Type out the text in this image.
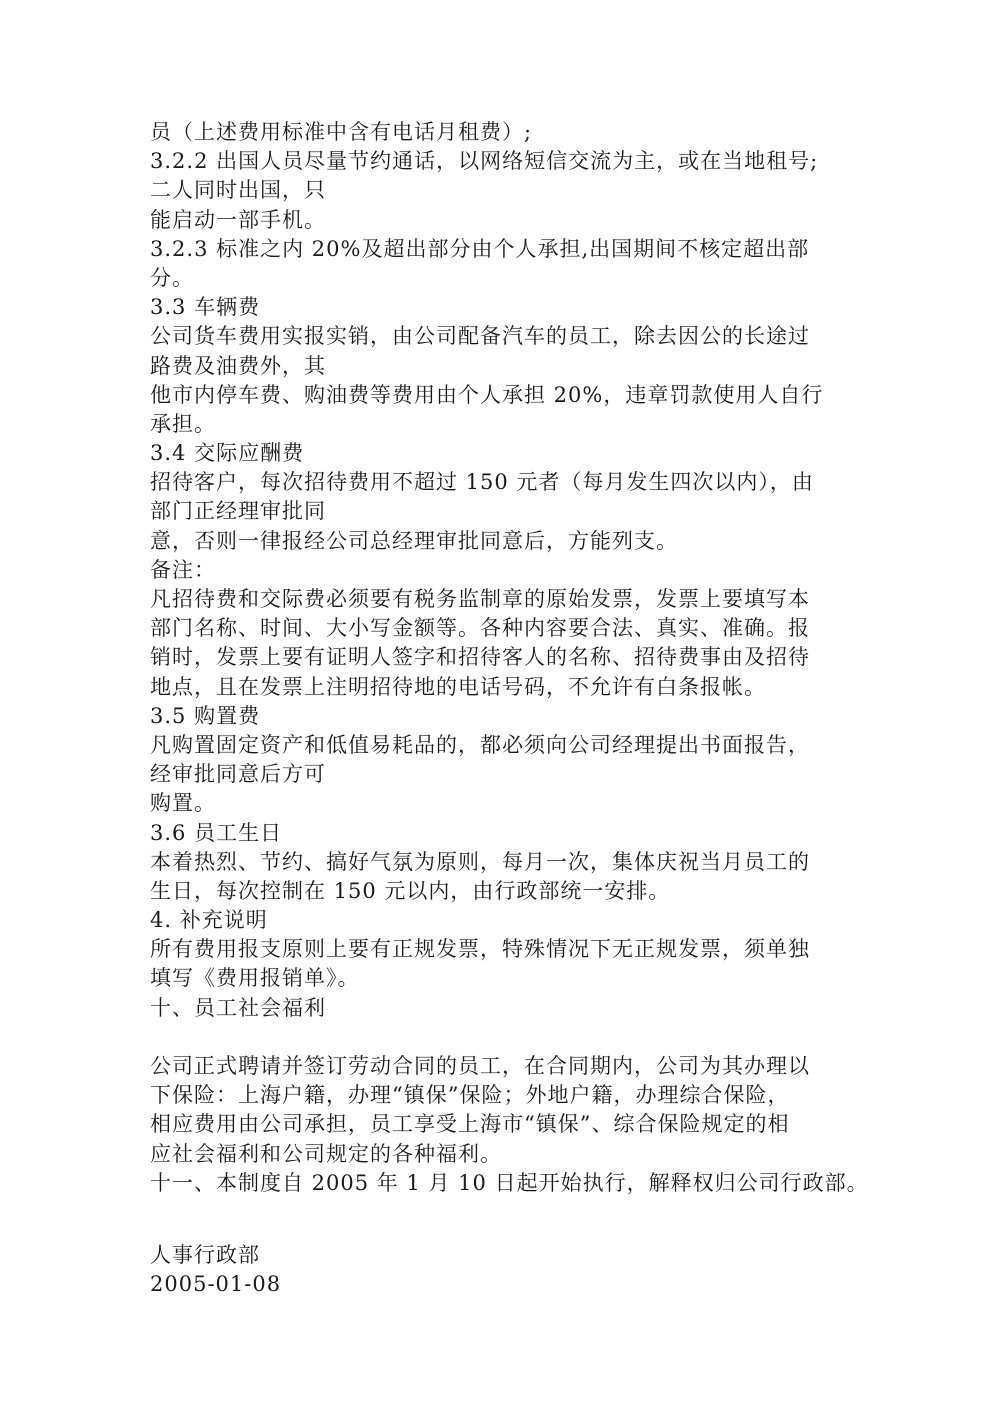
员（上述费用标准中含有电话月租费）;
3.2.2 出国人员尽量节约通话，以网络短信交流为主，或在当地租号;
二人同时出国，只
能启动一部手机。
3.2.3 标准之内 20%及超出部分由个人承担,出国期间不核定超出部
分。
3.3 车辆费
公司货车费用实报实销，由公司配备汽车的员工，除去因公的长途过
路费及油费外，其
他市内停车费、购油费等费用由个人承担 20%，违章罚款使用人自行
承担。
3.4 交际应酬费
招待客户，每次招待费用不超过 150 元者（每月发生四次以内），由
部门正经理审批同
意，否则一律报经公司总经理审批同意后，方能列支。
备注：
凡招待费和交际费必须要有税务监制章的原始发票，发票上要填写本
部门名称、时间、大小写金额等。各种内容要合法、真实、准确。报
销时，发票上要有证明人签字和招待客人的名称、招待费事由及招待
地点，且在发票上注明招待地的电话号码，不允许有白条报帐。
3.5 购置费
凡购置固定资产和低值易耗品的，都必须向公司经理提出书面报告，
经审批同意后方可
购置。
3.6 员工生日
本着热烈、节约、搞好气氛为原则，每月一次，集体庆祝当月员工的
生日，每次控制在 150 元以内，由行政部统一安排。
4. 补充说明
所有费用报支原则上要有正规发票，特殊情况下无正规发票，须单独
填写《费用报销单》。
十、员工社会福利
公司正式聘请并签订劳动合同的员工，在合同期内，公司为其办理以
下保险：上海户籍，办理“镇保”保险；外地户籍，办理综合保险，
相应费用由公司承担，员工享受上海市“镇保”、综合保险规定的相
应社会福利和公司规定的各种福利。
十一、本制度自 2005 年 1 月 10 日起开始执行，解释权归公司行政部。
人事行政部
2005-01-08
